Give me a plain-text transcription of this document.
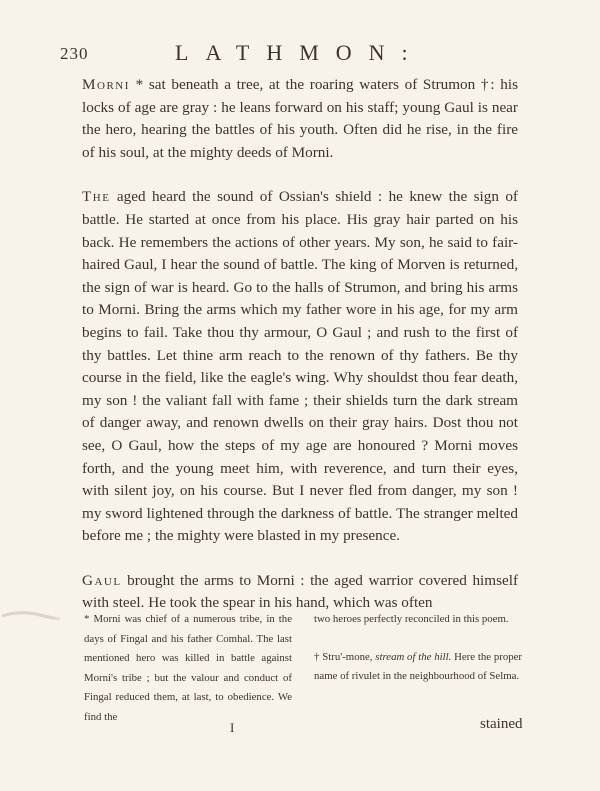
230	LATHMON:

Morni * sat beneath a tree, at the roaring waters of Strumon †: his locks of age are gray : he leans forward on his staff; young Gaul is near the hero, hearing the battles of his youth. Often did he rise, in the fire of his soul, at the mighty deeds of Morni.

The aged heard the sound of Ossian's shield : he knew the sign of battle. He started at once from his place. His gray hair parted on his back. He remembers the actions of other years. My son, he said to fair-haired Gaul, I hear the sound of battle. The king of Morven is returned, the sign of war is heard. Go to the halls of Strumon, and bring his arms to Morni. Bring the arms which my father wore in his age, for my arm begins to fail. Take thou thy armour, O Gaul ; and rush to the first of thy battles. Let thine arm reach to the renown of thy fathers. Be thy course in the field, like the eagle's wing. Why shouldst thou fear death, my son ! the valiant fall with fame ; their shields turn the dark stream of danger away, and renown dwells on their gray hairs. Dost thou not see, O Gaul, how the steps of my age are honoured ? Morni moves forth, and the young meet him, with reverence, and turn their eyes, with silent joy, on his course. But I never fled from danger, my son ! my sword lightened through the darkness of battle. The stranger melted before me ; the mighty were blasted in my presence.

Gaul brought the arms to Morni : the aged warrior covered himself with steel. He took the spear in his hand, which was often

* Morni was chief of a numerous tribe, in the days of Fingal and his father Comhal. The last mentioned hero was killed in battle against Morni's tribe ; but the valour and conduct of Fingal reduced them, at last, to obedience. We find the

two heroes perfectly reconciled in this poem.

† Stru'-mone, stream of the hill. Here the proper name of rivulet in the neighbourhood of Selma.

I	stained
